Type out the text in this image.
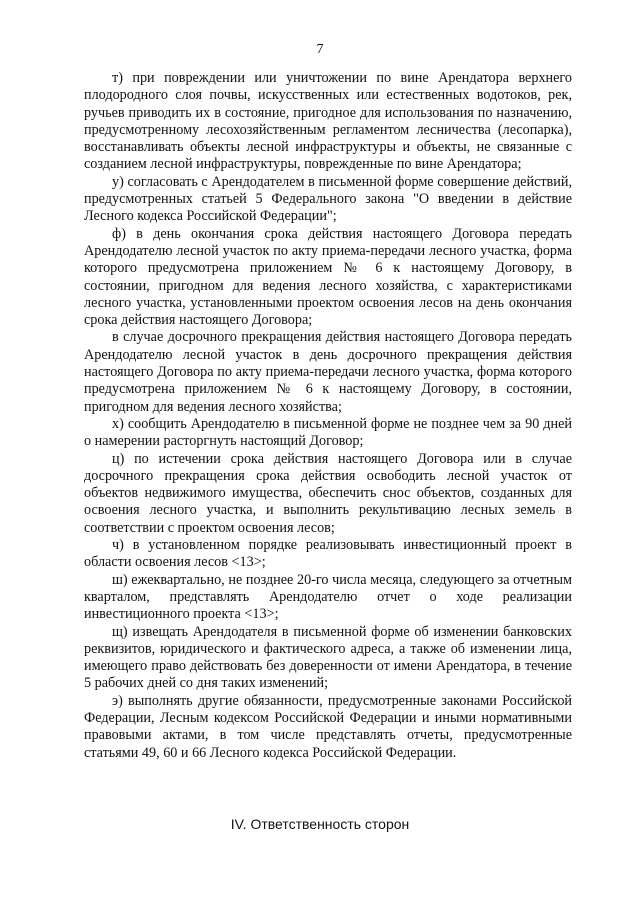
7

т) при повреждении или уничтожении по вине Арендатора верхнего плодородного слоя почвы, искусственных или естественных водотоков, рек, ручьев приводить их в состояние, пригодное для использования по назначению, предусмотренному лесохозяйственным регламентом лесничества (лесопарка), восстанавливать объекты лесной инфраструктуры и объекты, не связанные с созданием лесной инфраструктуры, поврежденные по вине Арендатора;

у) согласовать с Арендодателем в письменной форме совершение действий, предусмотренных статьей 5 Федерального закона "О введении в действие Лесного кодекса Российской Федерации";

ф) в день окончания срока действия настоящего Договора передать Арендодателю лесной участок по акту приема-передачи лесного участка, форма которого предусмотрена приложением № 6 к настоящему Договору, в состоянии, пригодном для ведения лесного хозяйства, с характеристиками лесного участка, установленными проектом освоения лесов на день окончания срока действия настоящего Договора;

в случае досрочного прекращения действия настоящего Договора передать Арендодателю лесной участок в день досрочного прекращения действия настоящего Договора по акту приема-передачи лесного участка, форма которого предусмотрена приложением № 6 к настоящему Договору, в состоянии, пригодном для ведения лесного хозяйства;

х) сообщить Арендодателю в письменной форме не позднее чем за 90 дней о намерении расторгнуть настоящий Договор;

ц) по истечении срока действия настоящего Договора или в случае досрочного прекращения срока действия освободить лесной участок от объектов недвижимого имущества, обеспечить снос объектов, созданных для освоения лесного участка, и выполнить рекультивацию лесных земель в соответствии с проектом освоения лесов;

ч) в установленном порядке реализовывать инвестиционный проект в области освоения лесов <13>;

ш) ежеквартально, не позднее 20-го числа месяца, следующего за отчетным кварталом, представлять Арендодателю отчет о ходе реализации инвестиционного проекта <13>;

щ) извещать Арендодателя в письменной форме об изменении банковских реквизитов, юридического и фактического адреса, а также об изменении лица, имеющего право действовать без доверенности от имени Арендатора, в течение 5 рабочих дней со дня таких изменений;

э) выполнять другие обязанности, предусмотренные законами Российской Федерации, Лесным кодексом Российской Федерации и иными нормативными правовыми актами, в том числе представлять отчеты, предусмотренные статьями 49, 60 и 66 Лесного кодекса Российской Федерации.

IV. Ответственность сторон
